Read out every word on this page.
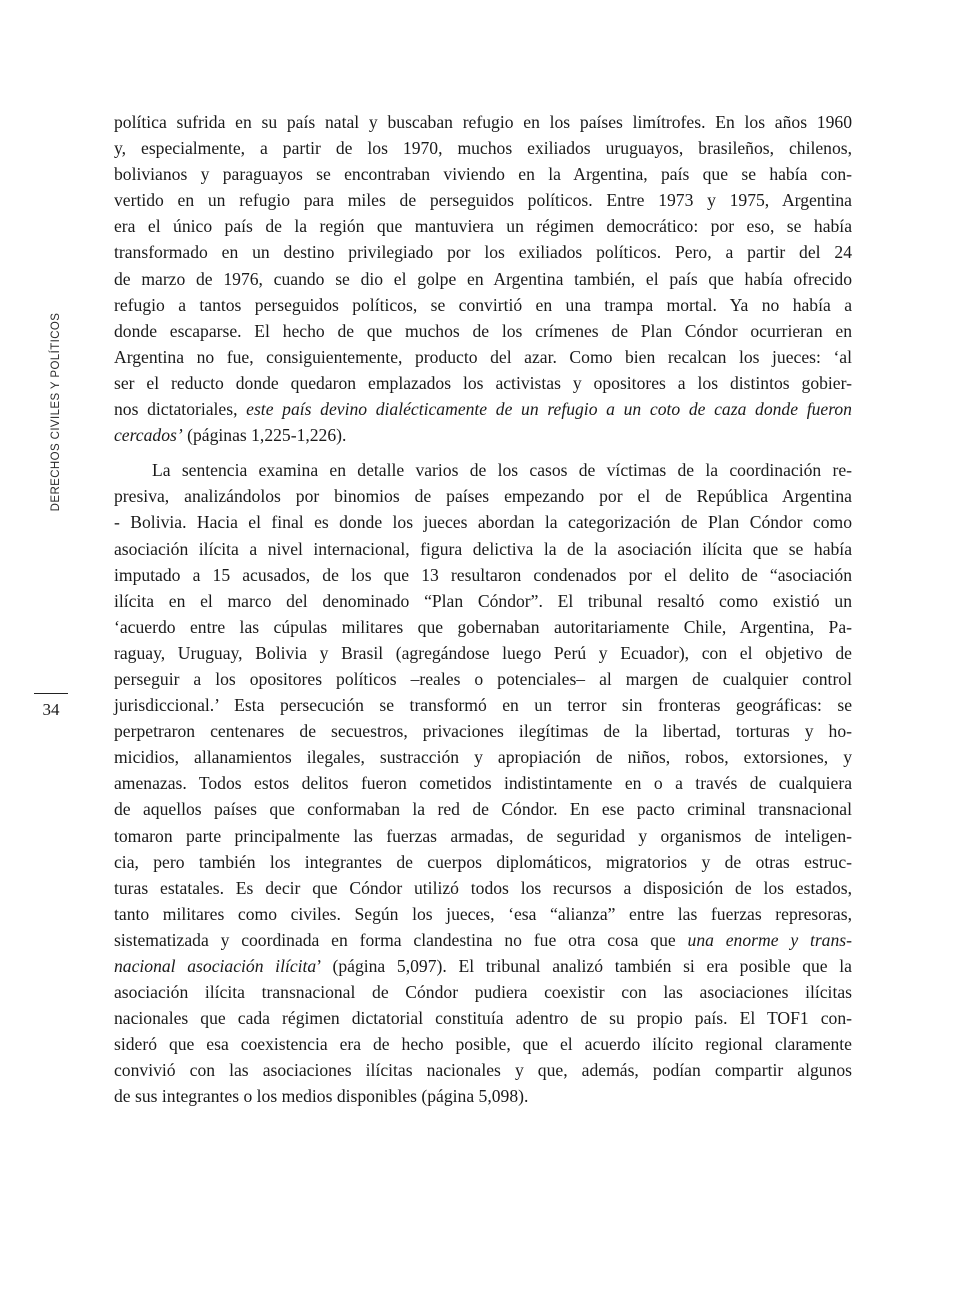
DERECHOS CIVILES Y POLÍTICOS
34

política sufrida en su país natal y buscaban refugio en los países limítrofes. En los años 1960
y, especialmente, a partir de los 1970, muchos exiliados uruguayos, brasileños, chilenos,
bolivianos y paraguayos se encontraban viviendo en la Argentina, país que se había con-
vertido en un refugio para miles de perseguidos políticos. Entre 1973 y 1975, Argentina
era el único país de la región que mantuviera un régimen democrático: por eso, se había
transformado en un destino privilegiado por los exiliados políticos. Pero, a partir del 24
de marzo de 1976, cuando se dio el golpe en Argentina también, el país que había ofrecido
refugio a tantos perseguidos políticos, se convirtió en una trampa mortal. Ya no había a
donde escaparse. El hecho de que muchos de los crímenes de Plan Cóndor ocurrieran en
Argentina no fue, consiguientemente, producto del azar. Como bien recalcan los jueces: ‘al
ser el reducto donde quedaron emplazados los activistas y opositores a los distintos gobier-
nos dictatoriales, este país devino dialécticamente de un refugio a un coto de caza donde fueron
cercados’ (páginas 1,225-1,226).

La sentencia examina en detalle varios de los casos de víctimas de la coordinación re-
presiva, analizándolos por binomios de países empezando por el de República Argentina
- Bolivia. Hacia el final es donde los jueces abordan la categorización de Plan Cóndor como
asociación ilícita a nivel internacional, figura delictiva la de la asociación ilícita que se había
imputado a 15 acusados, de los que 13 resultaron condenados por el delito de “asociación
ilícita en el marco del denominado “Plan Cóndor”. El tribunal resaltó como existió un
‘acuerdo entre las cúpulas militares que gobernaban autoritariamente Chile, Argentina, Pa-
raguay, Uruguay, Bolivia y Brasil (agregándose luego Perú y Ecuador), con el objetivo de
perseguir a los opositores políticos –reales o potenciales– al margen de cualquier control
jurisdiccional.’ Esta persecución se transformó en un terror sin fronteras geográficas: se
perpetraron centenares de secuestros, privaciones ilegítimas de la libertad, torturas y ho-
micidios, allanamientos ilegales, sustracción y apropiación de niños, robos, extorsiones, y
amenazas. Todos estos delitos fueron cometidos indistintamente en o a través de cualquiera
de aquellos países que conformaban la red de Cóndor. En ese pacto criminal transnacional
tomaron parte principalmente las fuerzas armadas, de seguridad y organismos de inteligen-
cia, pero también los integrantes de cuerpos diplomáticos, migratorios y de otras estruc-
turas estatales. Es decir que Cóndor utilizó todos los recursos a disposición de los estados,
tanto militares como civiles. Según los jueces, ‘esa “alianza” entre las fuerzas represoras,
sistematizada y coordinada en forma clandestina no fue otra cosa que una enorme y trans-
nacional asociación ilícita’ (página 5,097). El tribunal analizó también si era posible que la
asociación ilícita transnacional de Cóndor pudiera coexistir con las asociaciones ilícitas
nacionales que cada régimen dictatorial constituía adentro de su propio país. El TOF1 con-
sideró que esa coexistencia era de hecho posible, que el acuerdo ilícito regional claramente
convivió con las asociaciones ilícitas nacionales y que, además, podían compartir algunos
de sus integrantes o los medios disponibles (página 5,098).
